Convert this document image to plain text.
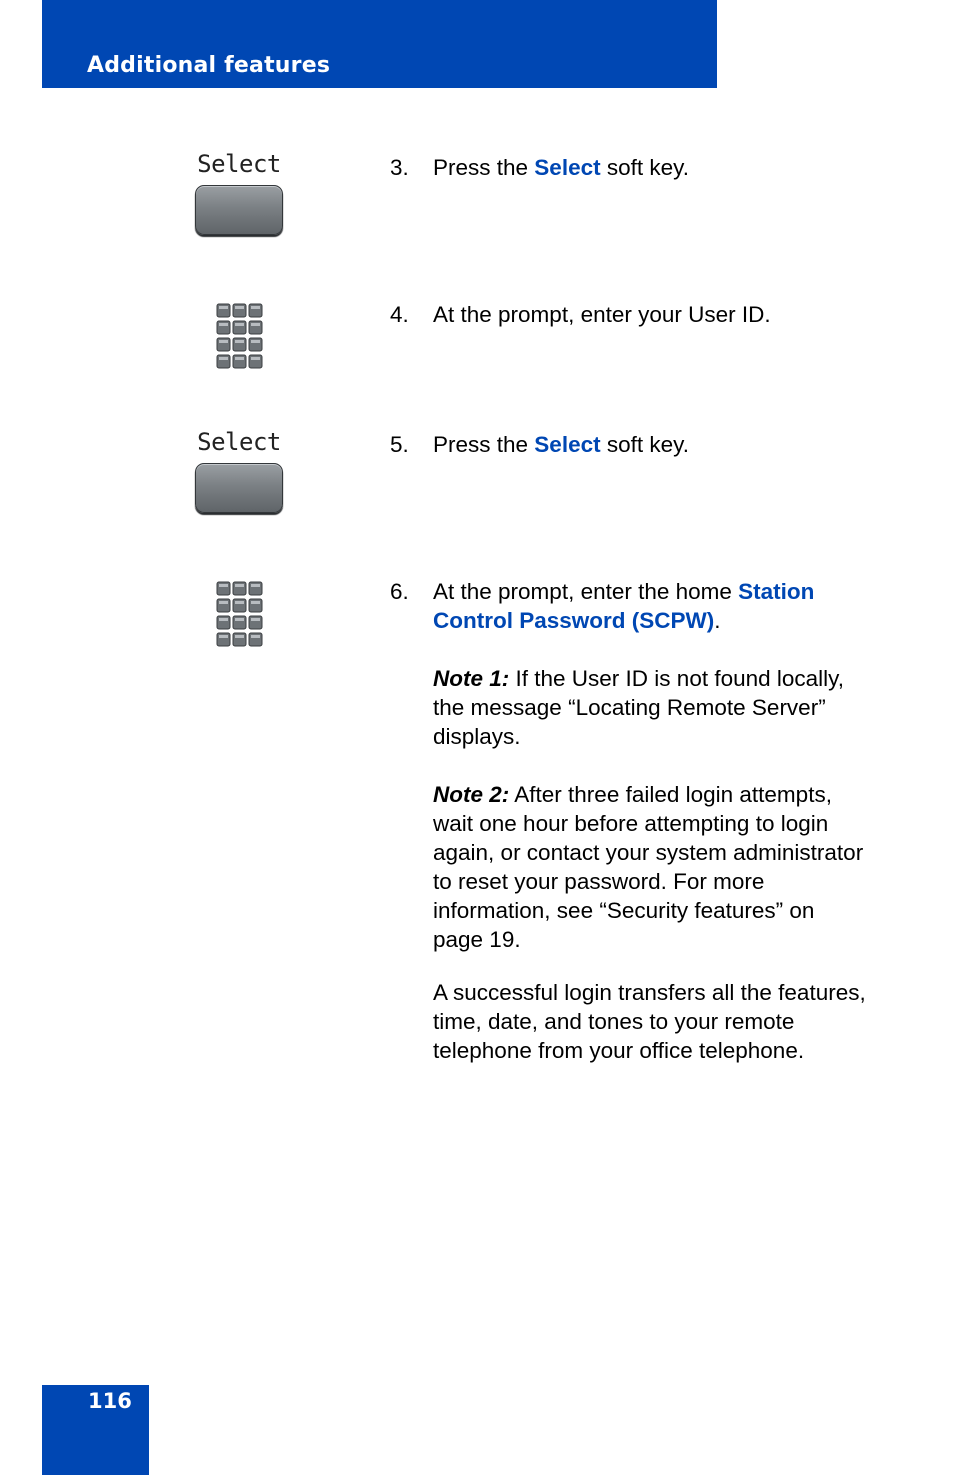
Additional features
Select	3. Press the Select soft key.
4. At the prompt, enter your User ID.
Select	5. Press the Select soft key.
6. At the prompt, enter the home Station Control Password (SCPW).

Note 1: If the User ID is not found locally, the message “Locating Remote Server” displays.

Note 2: After three failed login attempts, wait one hour before attempting to login again, or contact your system administrator to reset your password. For more information, see “Security features” on page 19.

A successful login transfers all the features, time, date, and tones to your remote telephone from your office telephone.

116
